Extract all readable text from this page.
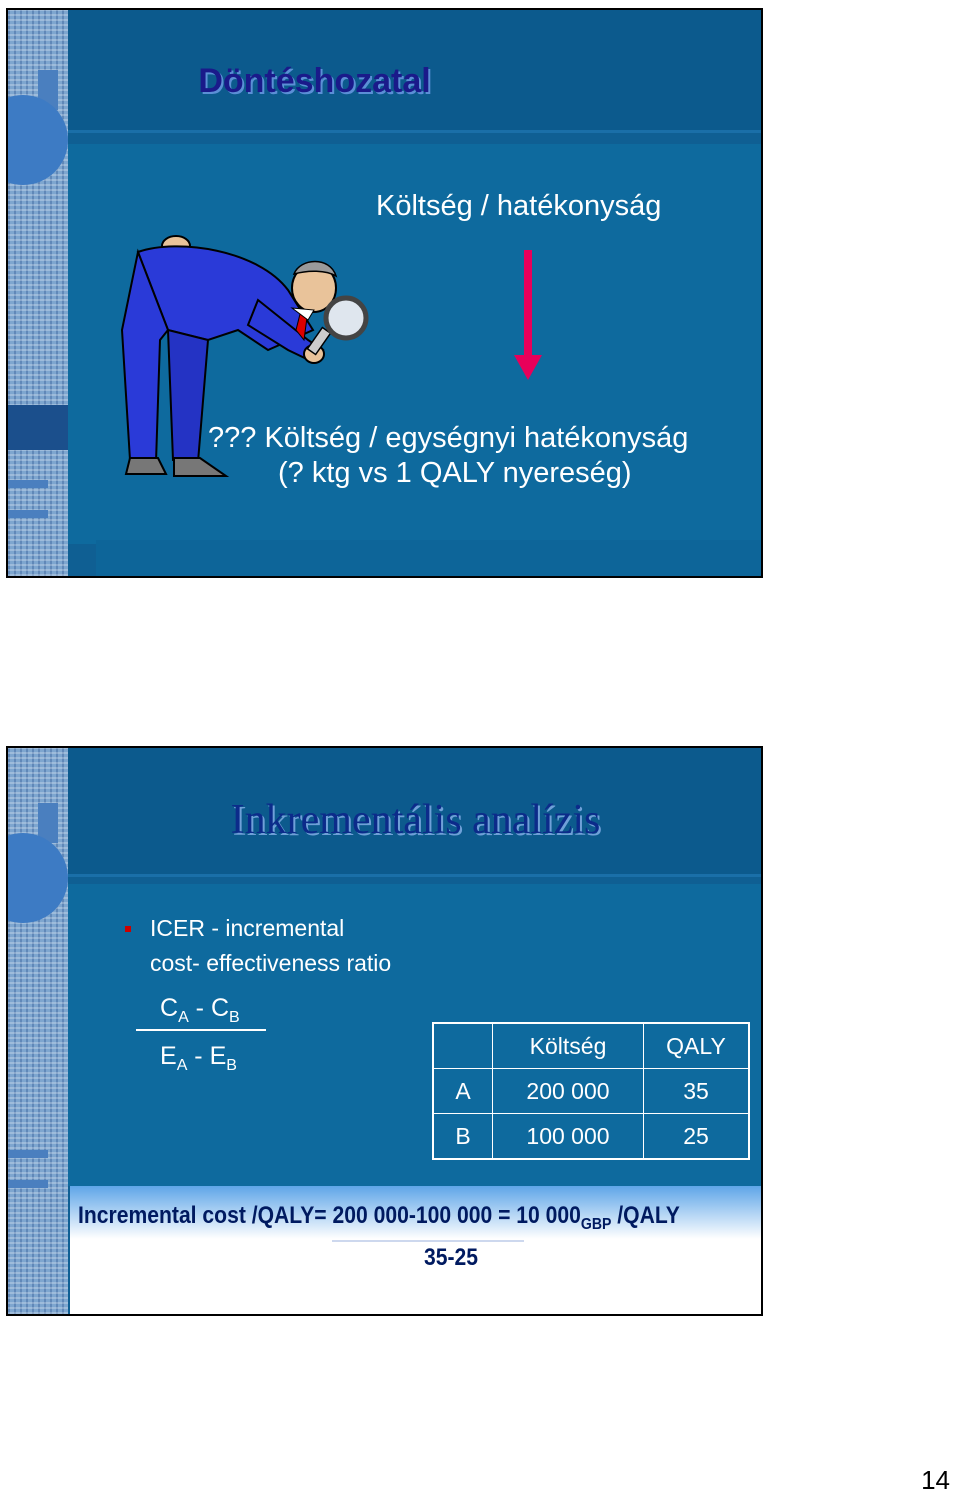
Döntéshozatal
Költség / hatékonyság
??? Költség / egységnyi hatékonyság
(? ktg vs 1 QALY nyereség)
Inkrementális analízis
ICER - incremental
cost- effectiveness ratio
$C_A - C_B$
$E_A - E_B$
	Költség	QALY
A	200 000	35
B	100 000	25
Incremental cost /QALY= 200 000-100 000 = 10 $000_{GBP}$ /QALY
35-25
14
